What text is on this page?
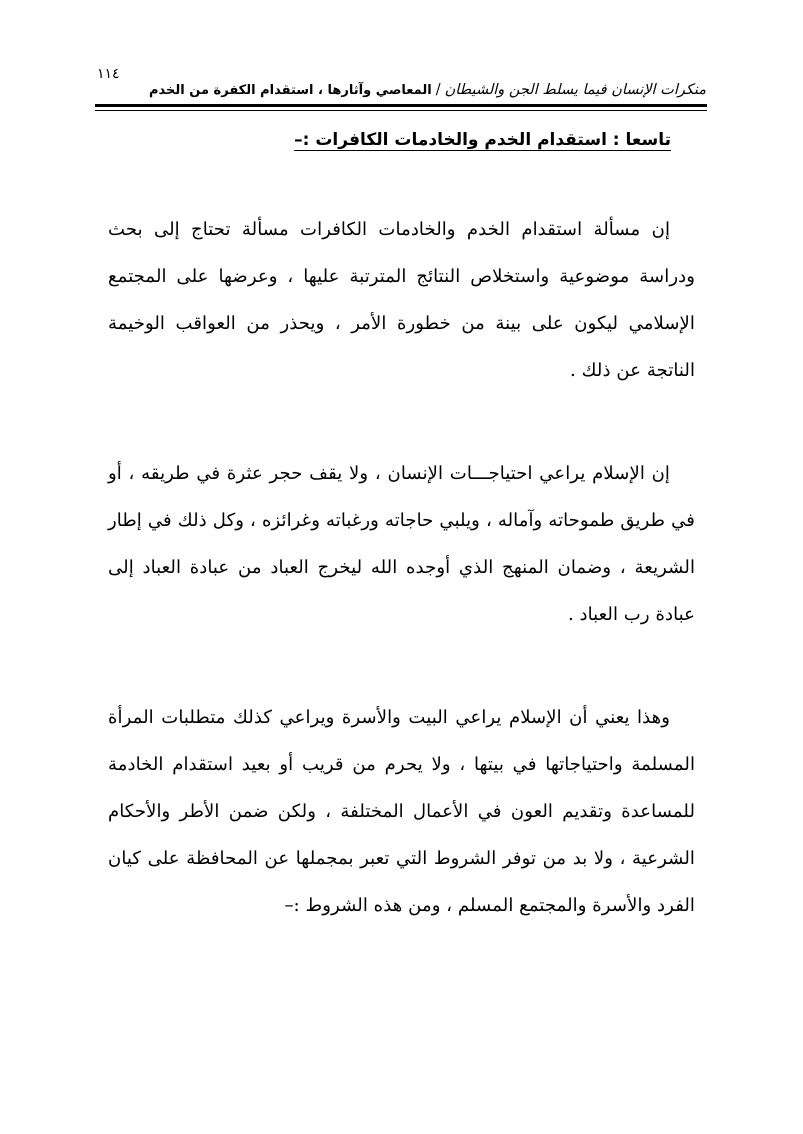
١١٤
منكرات الإنسان فيما يسلط الجن والشيطان/المعاصي وآثارها ، استقدام الكفرة من الخدم
تاسعا : استقدام الخدم والخادمات الكافرات :–

إن مسألة استقدام الخدم والخادمات الكافرات مسألة تحتاج إلى بحث ودراسة موضوعية واستخلاص النتائج المترتبة عليها ، وعرضها على المجتمع الإسلامي ليكون على بينة من خطورة الأمر ، ويحذر من العواقب الوخيمة الناتجة عن ذلك .

إن الإسلام يراعي احتياجـــات الإنسان ، ولا يقف حجر عثرة في طريقه ، أو في طريق طموحاته وآماله ، ويلبي حاجاته ورغباته وغرائزه ، وكل ذلك في إطار الشريعة ، وضمان المنهج الذي أوجده الله ليخرج العباد من عبادة العباد إلى عبادة رب العباد .

وهذا يعني أن الإسلام يراعي البيت والأسرة ويراعي كذلك متطلبات المرأة المسلمة واحتياجاتها في بيتها ، ولا يحرم من قريب أو بعيد استقدام الخادمة للمساعدة وتقديم العون في الأعمال المختلفة ، ولكن ضمن الأطر والأحكام الشرعية ، ولا بد من توفر الشروط التي تعبر بمجملها عن المحافظة على كيان الفرد والأسرة والمجتمع المسلم ، ومن هذه الشروط :–
